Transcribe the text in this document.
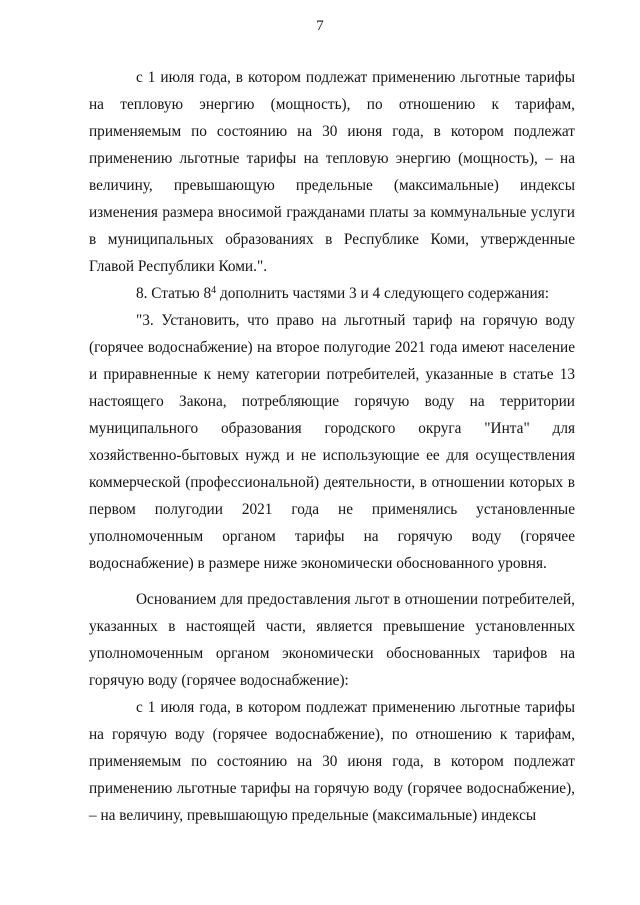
7

с 1 июля года, в котором подлежат применению льготные тарифы на тепловую энергию (мощность), по отношению к тарифам, применяемым по состоянию на 30 июня года, в котором подлежат применению льготные тарифы на тепловую энергию (мощность), – на величину, превышающую предельные (максимальные) индексы изменения размера вносимой гражданами платы за коммунальные услуги в муниципальных образованиях в Республике Коми, утвержденные Главой Республики Коми.".

8. Статью $8^4$ дополнить частями 3 и 4 следующего содержания:

"3. Установить, что право на льготный тариф на горячую воду (горячее водоснабжение) на второе полугодие 2021 года имеют население и приравненные к нему категории потребителей, указанные в статье 13 настоящего Закона, потребляющие горячую воду на территории муниципального образования городского округа "Инта" для хозяйственно-бытовых нужд и не использующие ее для осуществления коммерческой (профессиональной) деятельности, в отношении которых в первом полугодии 2021 года не применялись установленные уполномоченным органом тарифы на горячую воду (горячее водоснабжение) в размере ниже экономически обоснованного уровня.

Основанием для предоставления льгот в отношении потребителей, указанных в настоящей части, является превышение установленных уполномоченным органом экономически обоснованных тарифов на горячую воду (горячее водоснабжение):

с 1 июля года, в котором подлежат применению льготные тарифы на горячую воду (горячее водоснабжение), по отношению к тарифам, применяемым по состоянию на 30 июня года, в котором подлежат применению льготные тарифы на горячую воду (горячее водоснабжение), – на величину, превышающую предельные (максимальные) индексы
